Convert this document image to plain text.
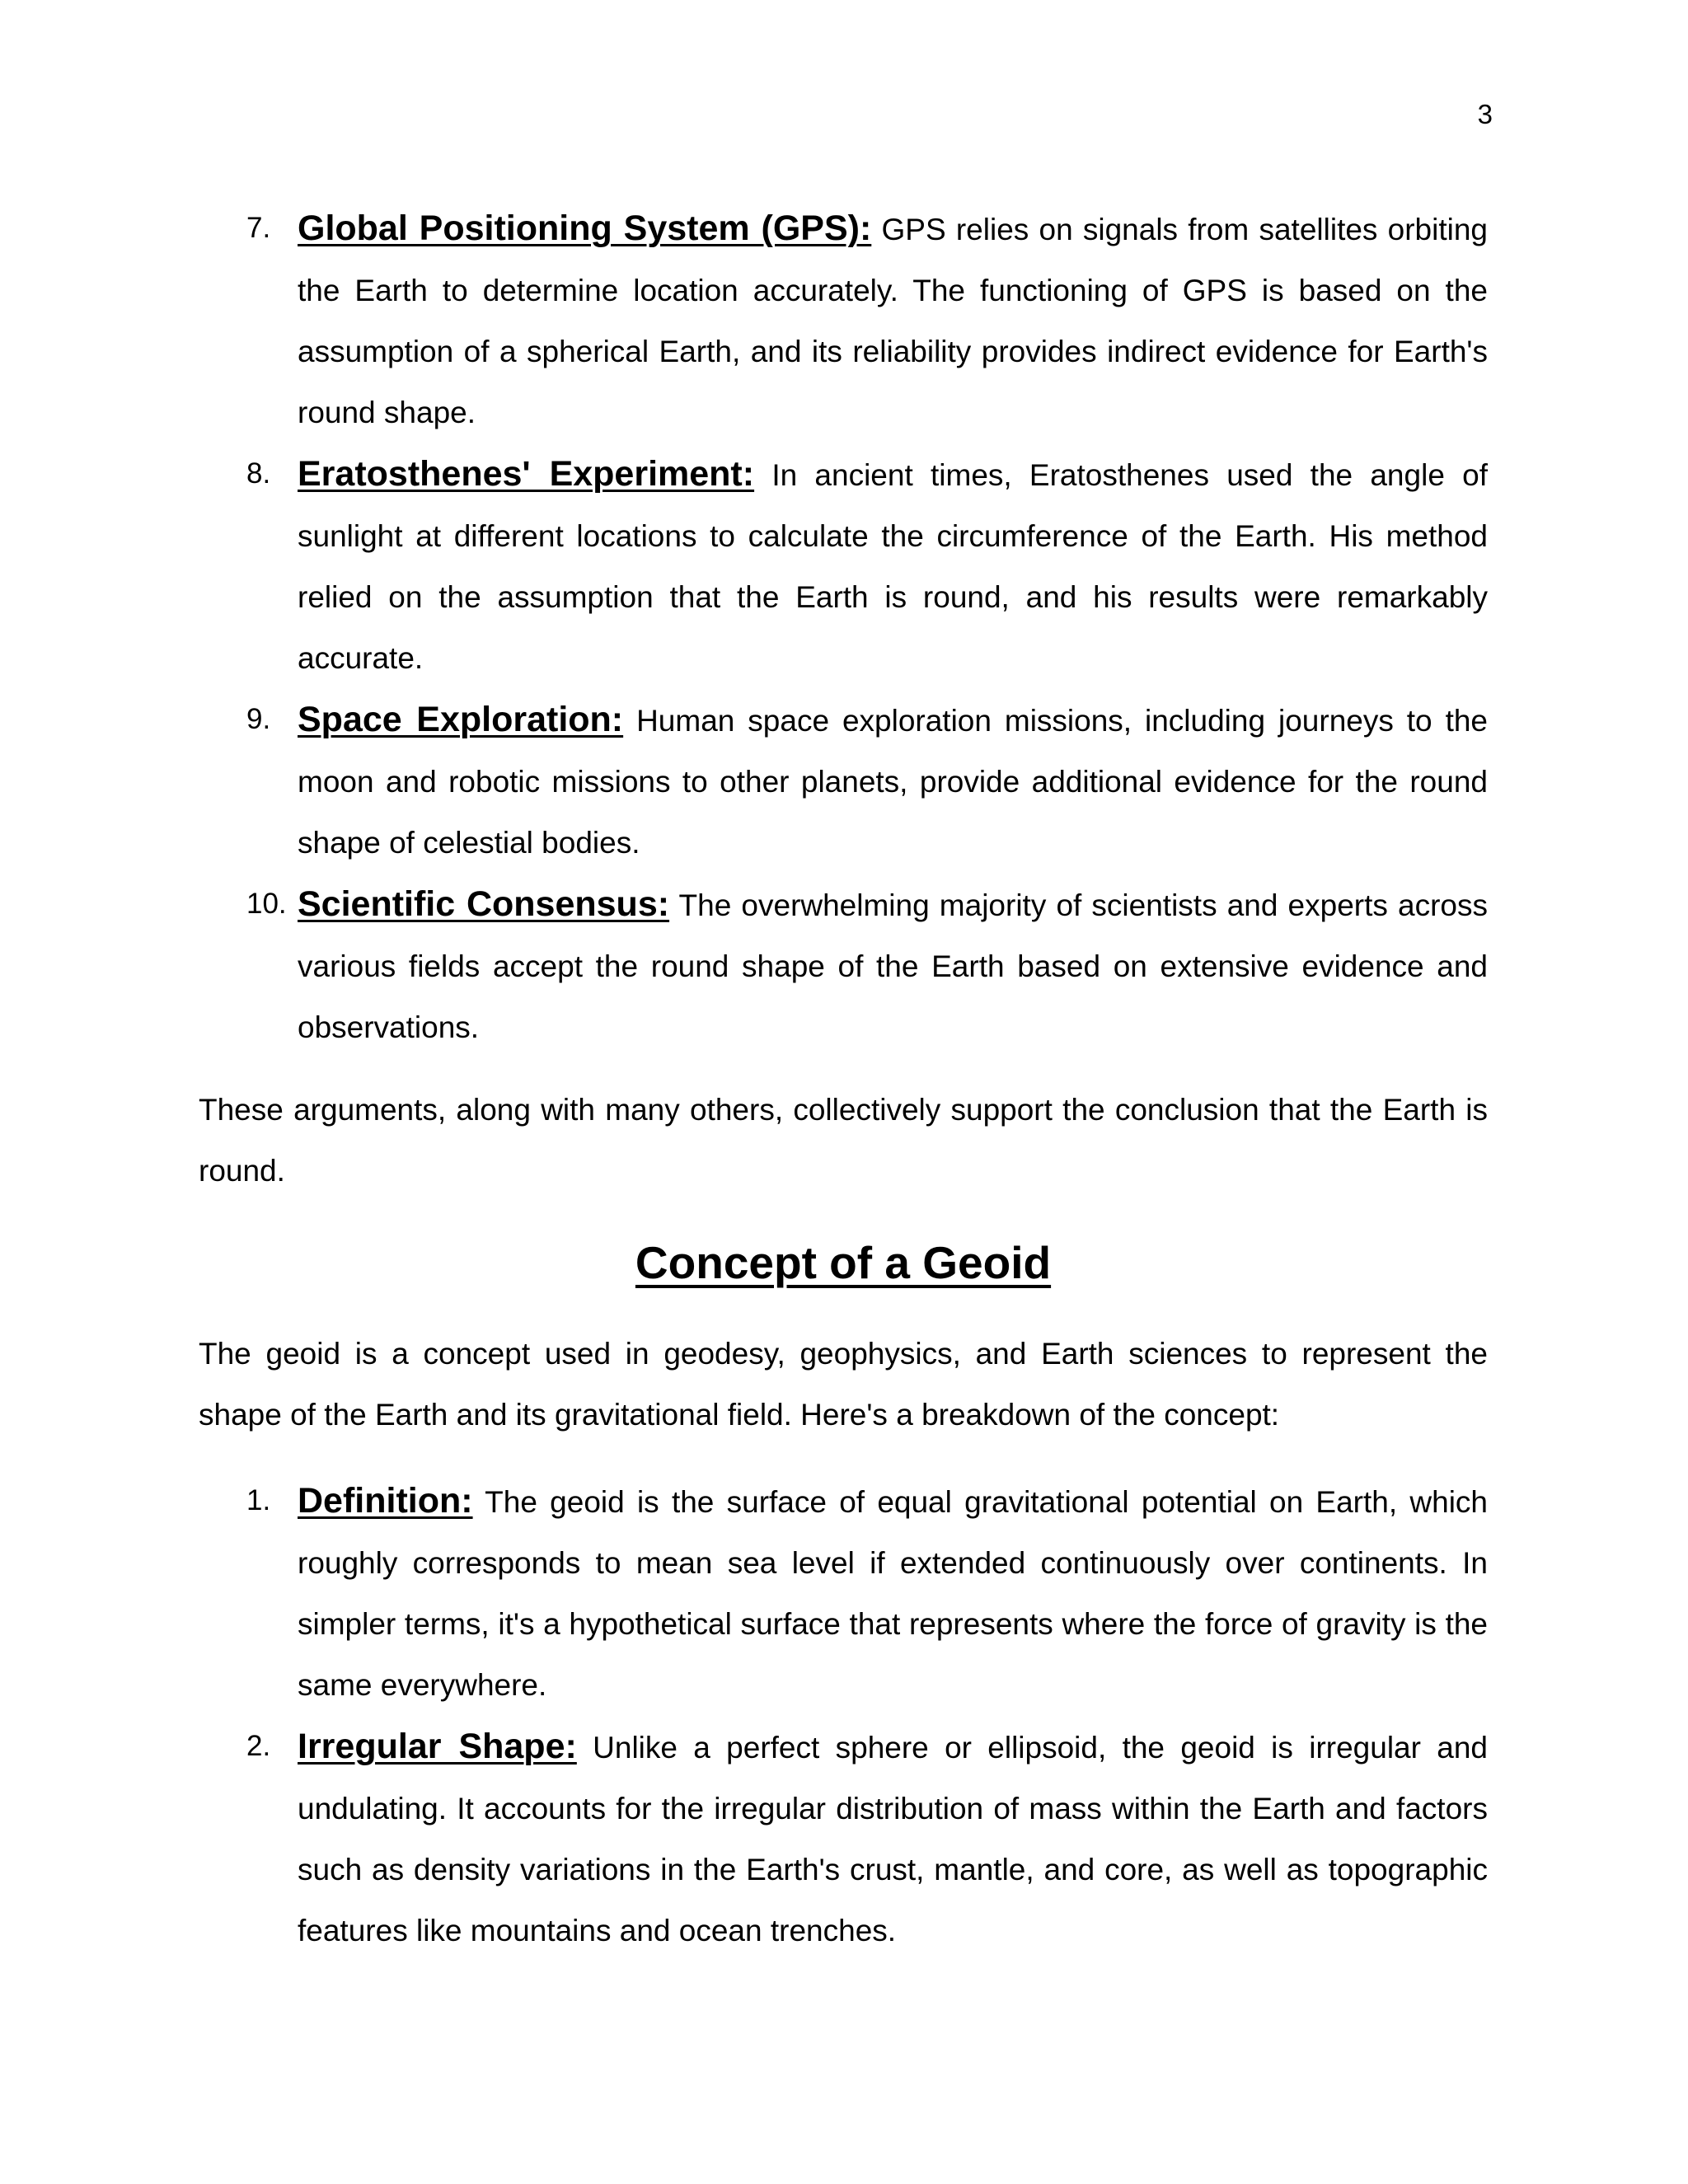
3
7. Global Positioning System (GPS): GPS relies on signals from satellites orbiting the Earth to determine location accurately. The functioning of GPS is based on the assumption of a spherical Earth, and its reliability provides indirect evidence for Earth's round shape.
8. Eratosthenes' Experiment: In ancient times, Eratosthenes used the angle of sunlight at different locations to calculate the circumference of the Earth. His method relied on the assumption that the Earth is round, and his results were remarkably accurate.
9. Space Exploration: Human space exploration missions, including journeys to the moon and robotic missions to other planets, provide additional evidence for the round shape of celestial bodies.
10. Scientific Consensus: The overwhelming majority of scientists and experts across various fields accept the round shape of the Earth based on extensive evidence and observations.

These arguments, along with many others, collectively support the conclusion that the Earth is round.

Concept of a Geoid

The geoid is a concept used in geodesy, geophysics, and Earth sciences to represent the shape of the Earth and its gravitational field. Here's a breakdown of the concept:

1. Definition: The geoid is the surface of equal gravitational potential on Earth, which roughly corresponds to mean sea level if extended continuously over continents. In simpler terms, it's a hypothetical surface that represents where the force of gravity is the same everywhere.
2. Irregular Shape: Unlike a perfect sphere or ellipsoid, the geoid is irregular and undulating. It accounts for the irregular distribution of mass within the Earth and factors such as density variations in the Earth's crust, mantle, and core, as well as topographic features like mountains and ocean trenches.
